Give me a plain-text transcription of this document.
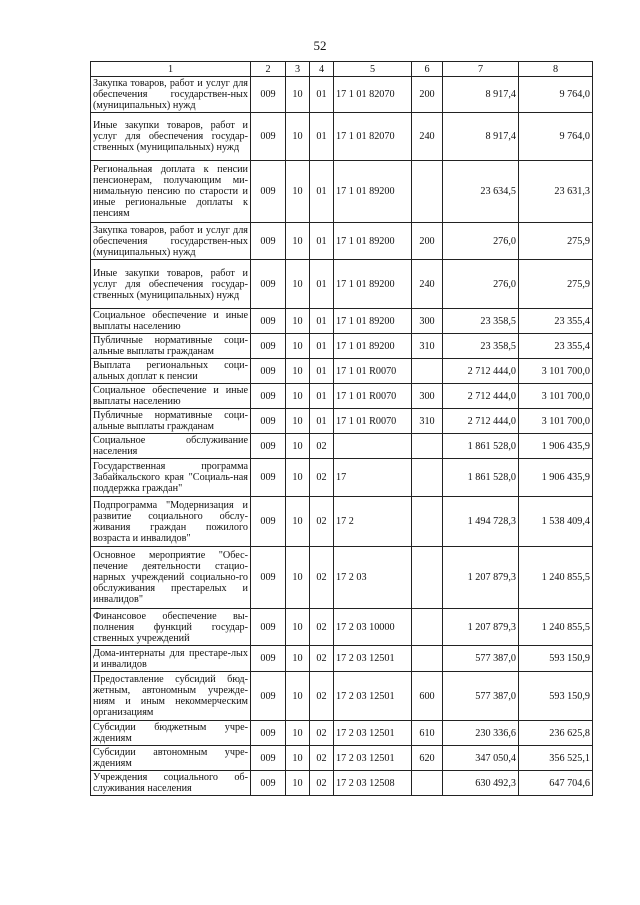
52
1	2	3	4	5	6	7	8
Закупка товаров, работ и услуг для обеспечения государствен-ных (муниципальных) нужд	009	10	01	17 1 01 82070	200	8 917,4	9 764,0
Иные закупки товаров, работ и услуг для обеспечения государ-ственных (муниципальных) нужд	009	10	01	17 1 01 82070	240	8 917,4	9 764,0
Региональная доплата к пенсии пенсионерам, получающим ми-нимальную пенсию по старости и иные региональные доплаты к пенсиям	009	10	01	17 1 01 89200		23 634,5	23 631,3
Закупка товаров, работ и услуг для обеспечения государствен-ных (муниципальных) нужд	009	10	01	17 1 01 89200	200	276,0	275,9
Иные закупки товаров, работ и услуг для обеспечения государ-ственных (муниципальных) нужд	009	10	01	17 1 01 89200	240	276,0	275,9
Социальное обеспечение и иные выплаты населению	009	10	01	17 1 01 89200	300	23 358,5	23 355,4
Публичные нормативные соци-альные выплаты гражданам	009	10	01	17 1 01 89200	310	23 358,5	23 355,4
Выплата региональных соци-альных доплат к пенсии	009	10	01	17 1 01 R0070		2 712 444,0	3 101 700,0
Социальное обеспечение и иные выплаты населению	009	10	01	17 1 01 R0070	300	2 712 444,0	3 101 700,0
Публичные нормативные соци-альные выплаты гражданам	009	10	01	17 1 01 R0070	310	2 712 444,0	3 101 700,0
Социальное обслуживание населения	009	10	02			1 861 528,0	1 906 435,9
Государственная программа Забайкальского края "Социаль-ная поддержка граждан"	009	10	02	17		1 861 528,0	1 906 435,9
Подпрограмма "Модернизация и развитие социального обслу-живания граждан пожилого возраста и инвалидов"	009	10	02	17 2		1 494 728,3	1 538 409,4
Основное мероприятие "Обес-печение деятельности стацио-нарных учреждений социально-го обслуживания престарелых и инвалидов"	009	10	02	17 2 03		1 207 879,3	1 240 855,5
Финансовое обеспечение вы-полнения функций государ-ственных учреждений	009	10	02	17 2 03 10000		1 207 879,3	1 240 855,5
Дома-интернаты для престаре-лых и инвалидов	009	10	02	17 2 03 12501		577 387,0	593 150,9
Предоставление субсидий бюд-жетным, автономным учрежде-ниям и иным некоммерческим организациям	009	10	02	17 2 03 12501	600	577 387,0	593 150,9
Субсидии бюджетным учре-ждениям	009	10	02	17 2 03 12501	610	230 336,6	236 625,8
Субсидии автономным учре-ждениям	009	10	02	17 2 03 12501	620	347 050,4	356 525,1
Учреждения социального об-служивания населения	009	10	02	17 2 03 12508		630 492,3	647 704,6
